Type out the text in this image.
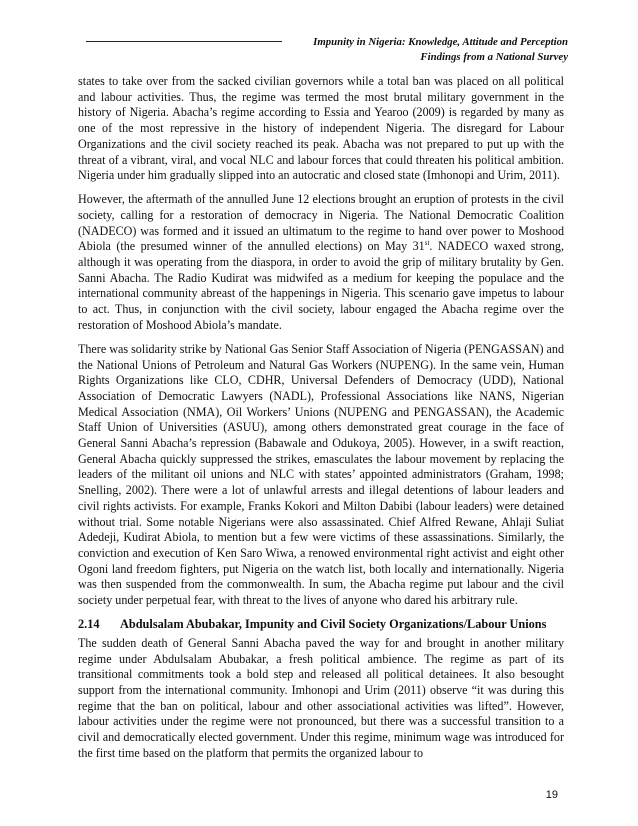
Impunity in Nigeria: Knowledge, Attitude and Perception
Findings from a National Survey

states to take over from the sacked civilian governors while a total ban was placed on all political and labour activities. Thus, the regime was termed the most brutal military government in the history of Nigeria. Abacha’s regime according to Essia and Yearoo (2009) is regarded by many as one of the most repressive in the history of independent Nigeria. The disregard for Labour Organizations and the civil society reached its peak. Abacha was not prepared to put up with the threat of a vibrant, viral, and vocal NLC and labour forces that could threaten his political ambition. Nigeria under him gradually slipped into an autocratic and closed state (Imhonopi and Urim, 2011).

However, the aftermath of the annulled June 12 elections brought an eruption of protests in the civil society, calling for a restoration of democracy in Nigeria. The National Democratic Coalition (NADECO) was formed and it issued an ultimatum to the regime to hand over power to Moshood Abiola (the presumed winner of the annulled elections) on May 31st. NADECO waxed strong, although it was operating from the diaspora, in order to avoid the grip of military brutality by Gen. Sanni Abacha. The Radio Kudirat was midwifed as a medium for keeping the populace and the international community abreast of the happenings in Nigeria. This scenario gave impetus to labour to act. Thus, in conjunction with the civil society, labour engaged the Abacha regime over the restoration of Moshood Abiola’s mandate.

There was solidarity strike by National Gas Senior Staff Association of Nigeria (PENGASSAN) and the National Unions of Petroleum and Natural Gas Workers (NUPENG). In the same vein, Human Rights Organizations like CLO, CDHR, Universal Defenders of Democracy (UDD), National Association of Democratic Lawyers (NADL), Professional Associations like NANS, Nigerian Medical Association (NMA), Oil Workers’ Unions (NUPENG and PENGASSAN), the Academic Staff Union of Universities (ASUU), among others demonstrated great courage in the face of General Sanni Abacha’s repression (Babawale and Odukoya, 2005). However, in a swift reaction, General Abacha quickly suppressed the strikes, emasculates the labour movement by replacing the leaders of the militant oil unions and NLC with states’ appointed administrators (Graham, 1998; Snelling, 2002). There were a lot of unlawful arrests and illegal detentions of labour leaders and civil rights activists. For example, Franks Kokori and Milton Dabibi (labour leaders) were detained without trial. Some notable Nigerians were also assassinated. Chief Alfred Rewane, Ahlaji Suliat Adedeji, Kudirat Abiola, to mention but a few were victims of these assassinations. Similarly, the conviction and execution of Ken Saro Wiwa, a renowed environmental right activist and eight other Ogoni land freedom fighters, put Nigeria on the watch list, both locally and internationally. Nigeria was then suspended from the commonwealth. In sum, the Abacha regime put labour and the civil society under perpetual fear, with threat to the lives of anyone who dared his arbitrary rule.

2.14 Abdulsalam Abubakar, Impunity and Civil Society Organizations/Labour Unions

The sudden death of General Sanni Abacha paved the way for and brought in another military regime under Abdulsalam Abubakar, a fresh political ambience. The regime as part of its transitional commitments took a bold step and released all political detainees. It also besought support from the international community. Imhonopi and Urim (2011) observe “it was during this regime that the ban on political, labour and other associational activities was lifted”. However, labour activities under the regime were not pronounced, but there was a successful transition to a civil and democratically elected government. Under this regime, minimum wage was introduced for the first time based on the platform that permits the organized labour to

19
